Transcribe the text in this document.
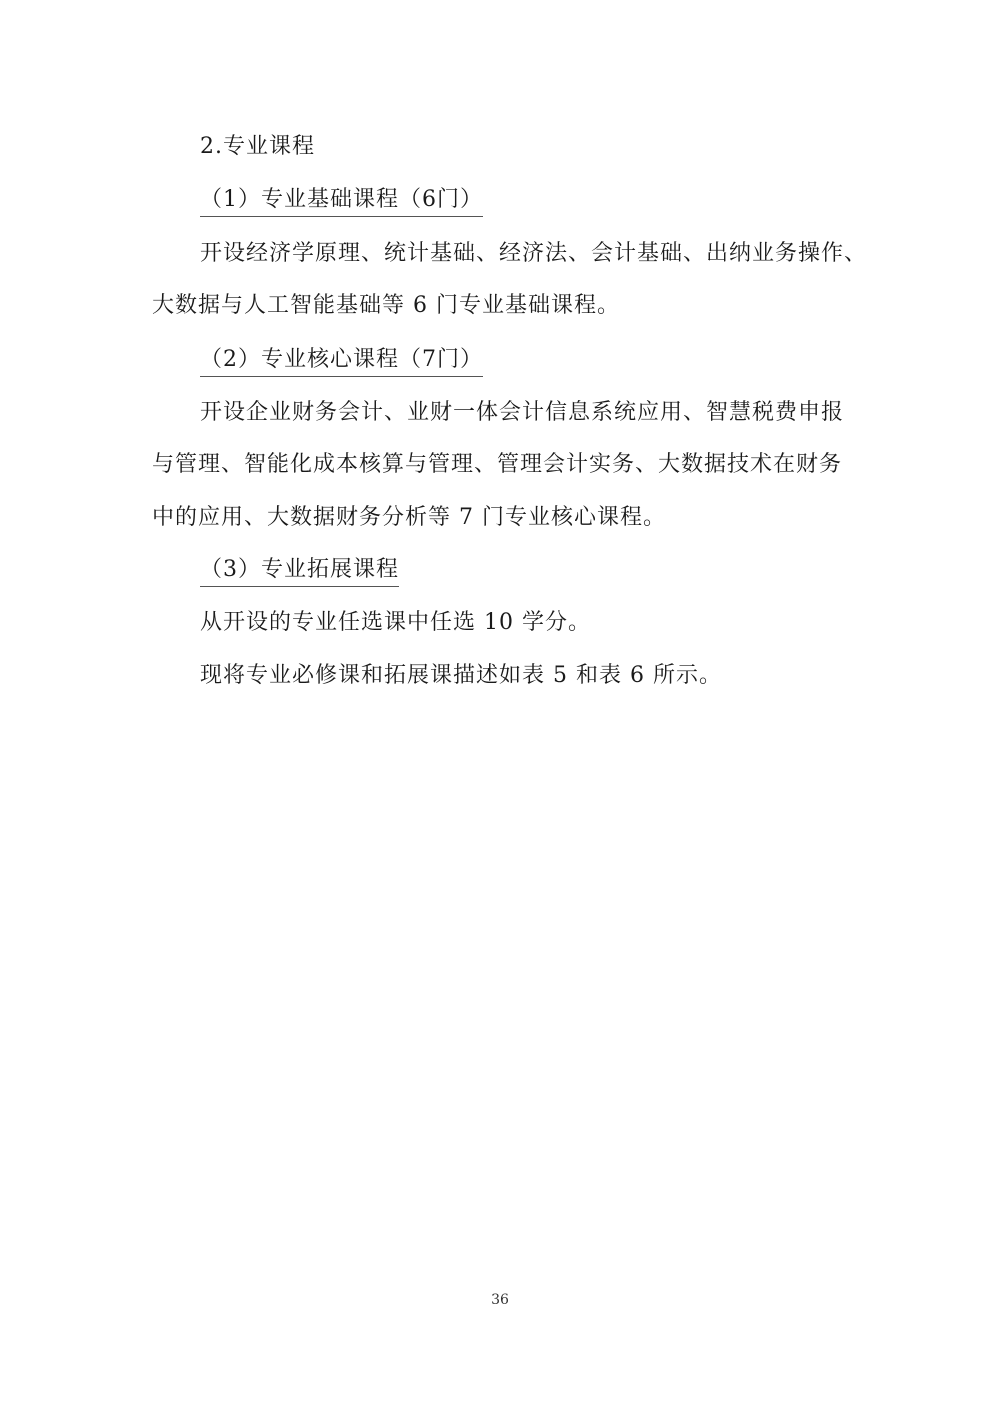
2.专业课程
（1）专业基础课程（6门）
开设经济学原理、统计基础、经济法、会计基础、出纳业务操作、
大数据与人工智能基础等 6 门专业基础课程。
（2）专业核心课程（7门）
开设企业财务会计、业财一体会计信息系统应用、智慧税费申报
与管理、智能化成本核算与管理、管理会计实务、大数据技术在财务
中的应用、大数据财务分析等 7 门专业核心课程。
（3）专业拓展课程
从开设的专业任选课中任选 10 学分。
现将专业必修课和拓展课描述如表 5 和表 6 所示。
36
